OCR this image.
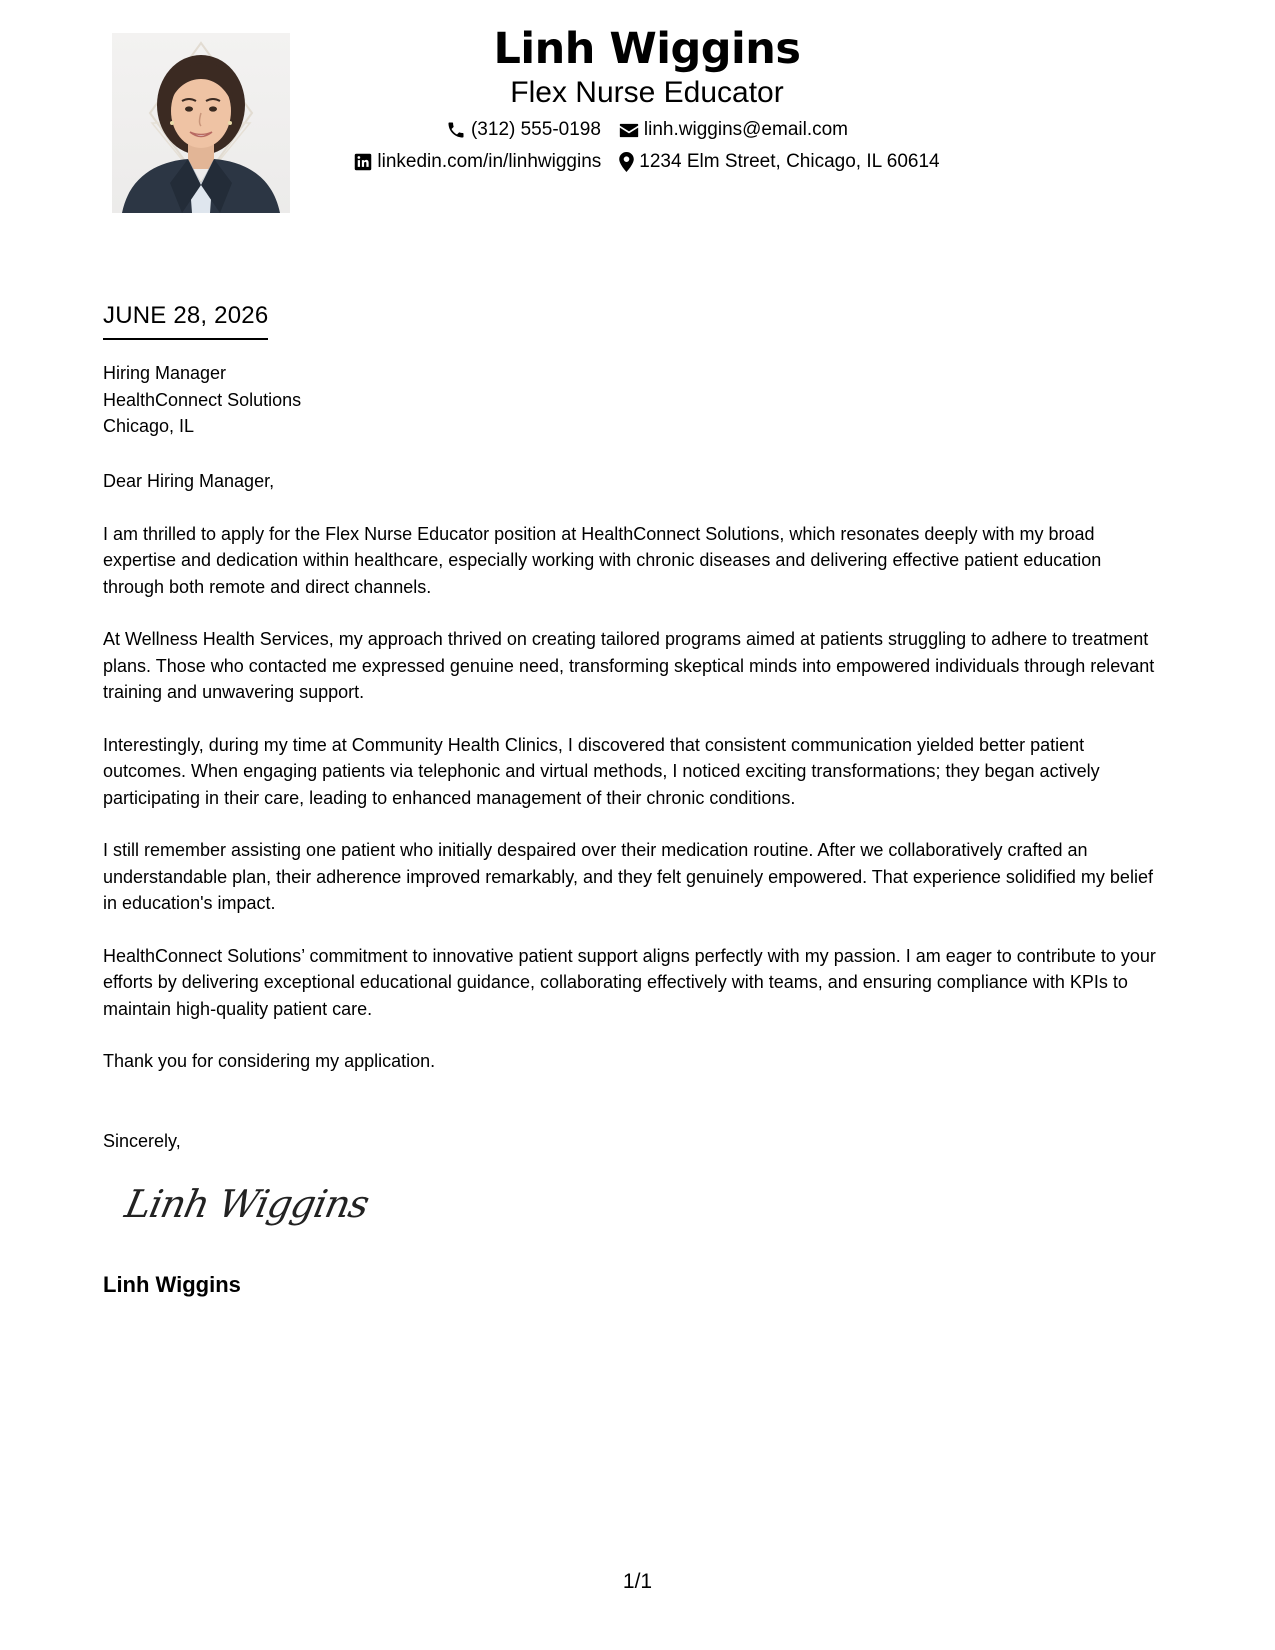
Linh Wiggins
Flex Nurse Educator
(312) 555-0198 linh.wiggins@email.com
linkedin.com/in/linhwiggins 1234 Elm Street, Chicago, IL 60614
JUNE 28, 2026
Hiring Manager
HealthConnect Solutions
Chicago, IL

Dear Hiring Manager,

I am thrilled to apply for the Flex Nurse Educator position at HealthConnect Solutions, which resonates deeply with my broad expertise and dedication within healthcare, especially working with chronic diseases and delivering effective patient education through both remote and direct channels.

At Wellness Health Services, my approach thrived on creating tailored programs aimed at patients struggling to adhere to treatment plans. Those who contacted me expressed genuine need, transforming skeptical minds into empowered individuals through relevant training and unwavering support.

Interestingly, during my time at Community Health Clinics, I discovered that consistent communication yielded better patient outcomes. When engaging patients via telephonic and virtual methods, I noticed exciting transformations; they began actively participating in their care, leading to enhanced management of their chronic conditions.

I still remember assisting one patient who initially despaired over their medication routine. After we collaboratively crafted an understandable plan, their adherence improved remarkably, and they felt genuinely empowered. That experience solidified my belief in education's impact.

HealthConnect Solutions’ commitment to innovative patient support aligns perfectly with my passion. I am eager to contribute to your efforts by delivering exceptional educational guidance, collaborating effectively with teams, and ensuring compliance with KPIs to maintain high-quality patient care.

Thank you for considering my application.

Sincerely,
Linh Wiggins
Linh Wiggins
1/1
